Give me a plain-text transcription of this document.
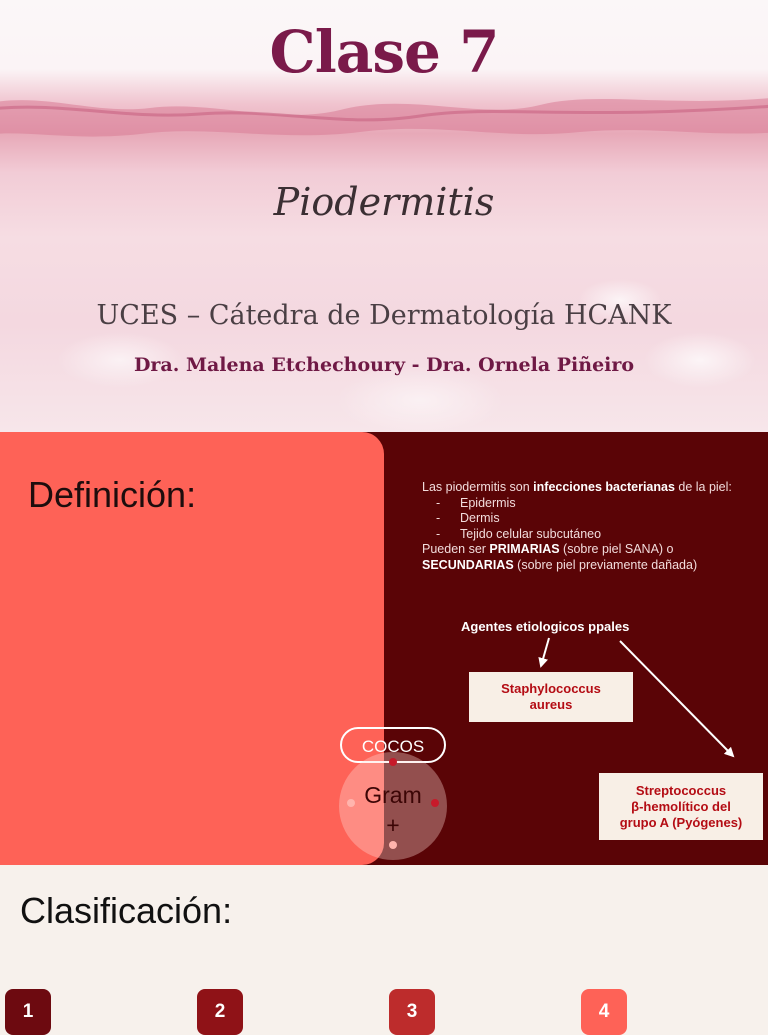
Clase 7
Piodermitis
UCES – Cátedra de Dermatología HCANK
Dra. Malena Etchechoury - Dra. Ornela Piñeiro
Definición:	Las piodermitis son infecciones bacterianas de la piel:
- Epidermis
- Dermis
- Tejido celular subcutáneo
Pueden ser PRIMARIAS (sobre piel SANA) o
SECUNDARIAS (sobre piel previamente dañada)
Agentes etiologicos ppales
Staphylococcus
aureus
Streptococcus
β-hemolítico del
grupo A (Pyógenes)
COCOS
Gram
+
Clasificación:
1	2	3	4
